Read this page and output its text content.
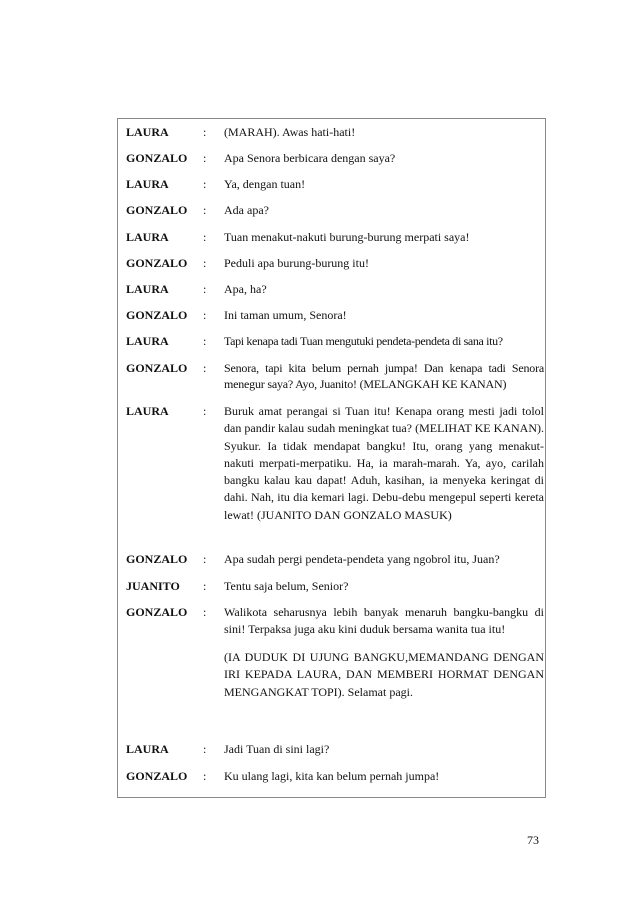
LAURA	: (MARAH). Awas hati-hati!
GONZALO : Apa Senora berbicara dengan saya?
LAURA	: Ya, dengan tuan!
GONZALO : Ada apa?
LAURA	: Tuan menakut-nakuti burung-burung merpati saya!
GONZALO : Peduli apa burung-burung itu!
LAURA	: Apa, ha?
GONZALO : Ini taman umum, Senora!
LAURA	: Tapi kenapa tadi Tuan mengutuki pendeta-pendeta di sana itu?
GONZALO : Senora, tapi kita belum pernah jumpa! Dan kenapa tadi Senora menegur saya? Ayo, Juanito! (MELANGKAH KE KANAN)
LAURA	: Buruk amat perangai si Tuan itu! Kenapa orang mesti jadi tolol dan pandir kalau sudah meningkat tua? (MELIHAT KE KANAN). Syukur. Ia tidak mendapat bangku! Itu, orang yang menakut-nakuti merpati-merpatiku. Ha, ia marah-marah. Ya, ayo, carilah bangku kalau kau dapat! Aduh, kasihan, ia menyeka keringat di dahi. Nah, itu dia kemari lagi. Debu-debu mengepul seperti kereta lewat! (JUANITO DAN GONZALO MASUK)
GONZALO : Apa sudah pergi pendeta-pendeta yang ngobrol itu, Juan?
JUANITO : Tentu saja belum, Senior?
GONZALO : Walikota seharusnya lebih banyak menaruh bangku-bangku di sini! Terpaksa juga aku kini duduk bersama wanita tua itu!
(IA DUDUK DI UJUNG BANGKU,MEMANDANG DENGAN IRI KEPADA LAURA, DAN MEMBERI HORMAT DENGAN MENGANGKAT TOPI). Selamat pagi.
LAURA	: Jadi Tuan di sini lagi?
GONZALO : Ku ulang lagi, kita kan belum pernah jumpa!
73
